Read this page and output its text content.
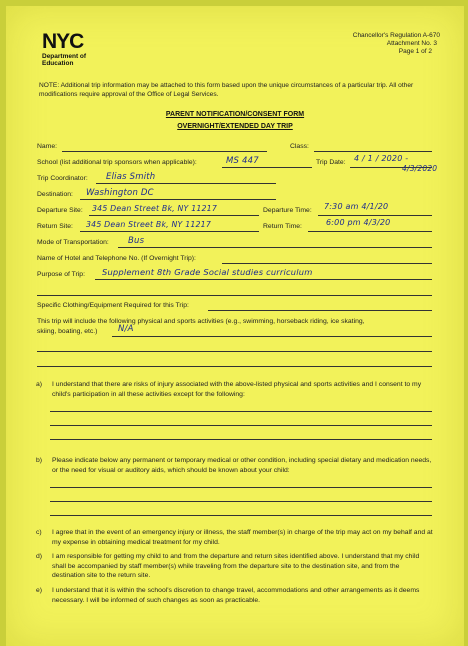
NYC
Department of
Education
Chancellor's Regulation A-670
Attachment No. 3
Page 1 of 2
NOTE: Additional trip information may be attached to this form based upon the unique circumstances of a particular trip. All other modifications require approval of the Office of Legal Services.
PARENT NOTIFICATION/CONSENT FORM
OVERNIGHT/EXTENDED DAY TRIP
Name:	Class:
School (list additional trip sponsors when applicable):	MS 447	Trip Date: 4 / 1 / 2020 -
4/3/2020
Trip Coordinator: Elias Smith
Destination: Washington DC
Departure Site: 345 Dean Street Bk, NY 11217	Departure Time: 7:30 am 4/1/20
Return Site: 345 Dean Street Bk, NY 11217	Return Time:	6:00 pm 4/3/20
Mode of Transportation: Bus
Name of Hotel and Telephone No. (If Overnight Trip):
Purpose of Trip: Supplement 8th Grade Social studies curriculum
Specific Clothing/Equipment Required for this Trip:
This trip will include the following physical and sports activities (e.g., swimming, horseback riding, ice skating,
skiing, boating, etc.) N/A
a) I understand that there are risks of injury associated with the above-listed physical and sports activities and I consent to my child's participation in all these activities except for the following:
b) Please indicate below any permanent or temporary medical or other condition, including special dietary and medication needs, or the need for visual or auditory aids, which should be known about your child:
c) I agree that in the event of an emergency injury or illness, the staff member(s) in charge of the trip may act on my behalf and at my expense in obtaining medical treatment for my child.
d) I am responsible for getting my child to and from the departure and return sites identified above. I understand that my child shall be accompanied by staff member(s) while traveling from the departure site to the destination site, and from the destination site to the return site.
e) I understand that it is within the school's discretion to change travel, accommodations and other arrangements as it deems necessary. I will be informed of such changes as soon as practicable.
